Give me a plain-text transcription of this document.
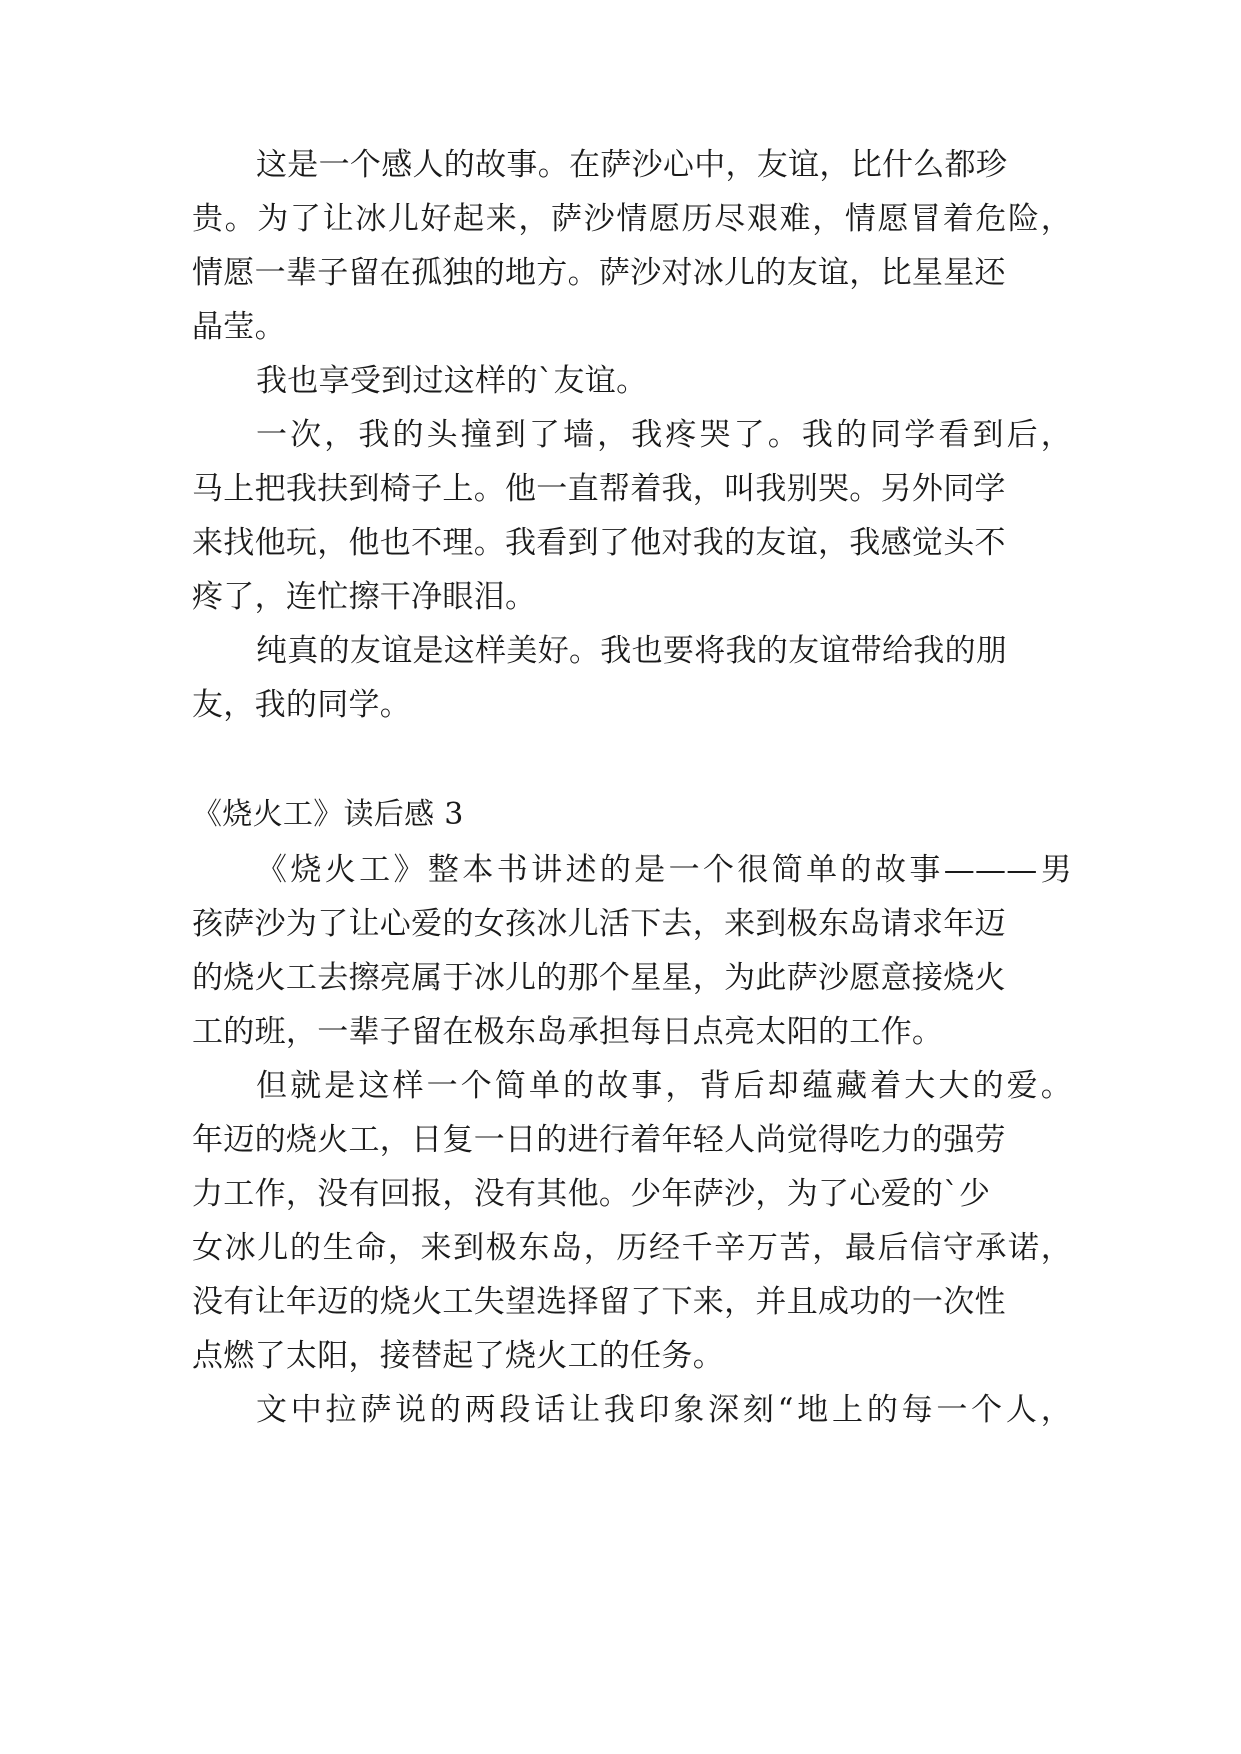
这是一个感人的故事。在萨沙心中，友谊，比什么都珍
贵。为了让冰儿好起来，萨沙情愿历尽艰难，情愿冒着危险，
情愿一辈子留在孤独的地方。萨沙对冰儿的友谊，比星星还
晶莹。
我也享受到过这样的`友谊。
一次，我的头撞到了墙，我疼哭了。我的同学看到后，
马上把我扶到椅子上。他一直帮着我，叫我别哭。另外同学
来找他玩，他也不理。我看到了他对我的友谊，我感觉头不
疼了，连忙擦干净眼泪。
纯真的友谊是这样美好。我也要将我的友谊带给我的朋
友，我的同学。
《烧火工》读后感 3
《烧火工》整本书讲述的是一个很简单的故事———男
孩萨沙为了让心爱的女孩冰儿活下去，来到极东岛请求年迈
的烧火工去擦亮属于冰儿的那个星星，为此萨沙愿意接烧火
工的班，一辈子留在极东岛承担每日点亮太阳的工作。
但就是这样一个简单的故事，背后却蕴藏着大大的爱。
年迈的烧火工，日复一日的进行着年轻人尚觉得吃力的强劳
力工作，没有回报，没有其他。少年萨沙，为了心爱的`少
女冰儿的生命，来到极东岛，历经千辛万苦，最后信守承诺，
没有让年迈的烧火工失望选择留了下来，并且成功的一次性
点燃了太阳，接替起了烧火工的任务。
文中拉萨说的两段话让我印象深刻“地上的每一个人，
